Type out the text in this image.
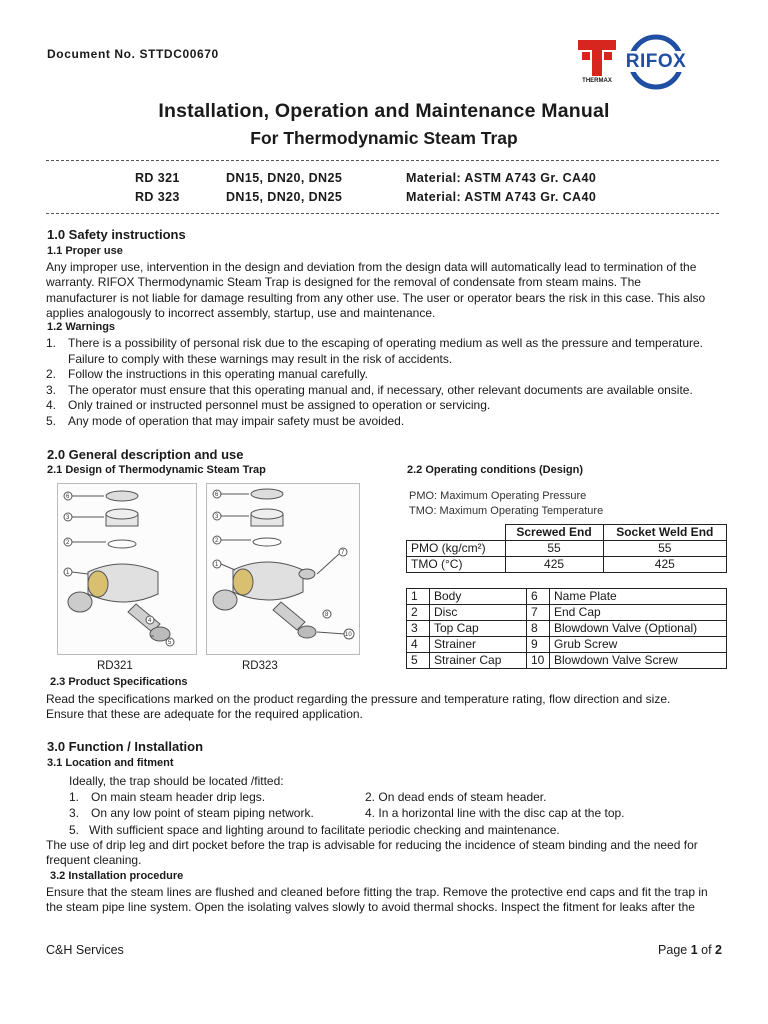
Document No. STTDC00670
THERMAX
RIFOX
Installation, Operation and Maintenance Manual
For Thermodynamic Steam Trap
RD 321	DN15, DN20, DN25	Material: ASTM A743 Gr. CA40
RD 323	DN15, DN20, DN25	Material: ASTM A743 Gr. CA40
1.0 Safety instructions
1.1 Proper use
Any improper use, intervention in the design and deviation from the design data will automatically lead to termination of the
warranty. RIFOX Thermodynamic Steam Trap is designed for the removal of condensate from steam mains. The
manufacturer is not liable for damage resulting from any other use. The user or operator bears the risk in this case. This also
applies analogously to incorrect assembly, startup, use and maintenance.
1.2 Warnings
1. There is a possibility of personal risk due to the escaping of operating medium as well as the pressure and temperature.
Failure to comply with these warnings may result in the risk of accidents.
2. Follow the instructions in this operating manual carefully.
3. The operator must ensure that this operating manual and, if necessary, other relevant documents are available onsite.
4. Only trained or instructed personnel must be assigned to operation or servicing.
5. Any mode of operation that may impair safety must be avoided.
2.0 General description and use
2.1 Design of Thermodynamic Steam Trap	2.2 Operating conditions (Design)
6
3
2
1
4
5
6
3
2
1
7
8
10
RD321	RD323
PMO: Maximum Operating Pressure
TMO: Maximum Operating Temperature
	Screwed End	Socket Weld End
PMO (kg/cm²)	55	55
TMO (°C)	425	425
1	Body	6	Name Plate
2	Disc	7	End Cap
3	Top Cap	8	Blowdown Valve (Optional)
4	Strainer	9	Grub Screw
5	Strainer Cap	10	Blowdown Valve Screw
2.3 Product Specifications
Read the specifications marked on the product regarding the pressure and temperature rating, flow direction and size.
Ensure that these are adequate for the required application.
3.0 Function / Installation
3.1 Location and fitment
Ideally, the trap should be located /fitted:
1. On main steam header drip legs.	2. On dead ends of steam header.
3. On any low point of steam piping network.	4. In a horizontal line with the disc cap at the top.
5.   With sufficient space and lighting around to facilitate periodic checking and maintenance.
The use of drip leg and dirt pocket before the trap is advisable for reducing the incidence of steam binding and the need for
frequent cleaning.
3.2 Installation procedure
Ensure that the steam lines are flushed and cleaned before fitting the trap. Remove the protective end caps and fit the trap in
the steam pipe line system. Open the isolating valves slowly to avoid thermal shocks. Inspect the fitment for leaks after the
C&H Services	Page 1 of 2
